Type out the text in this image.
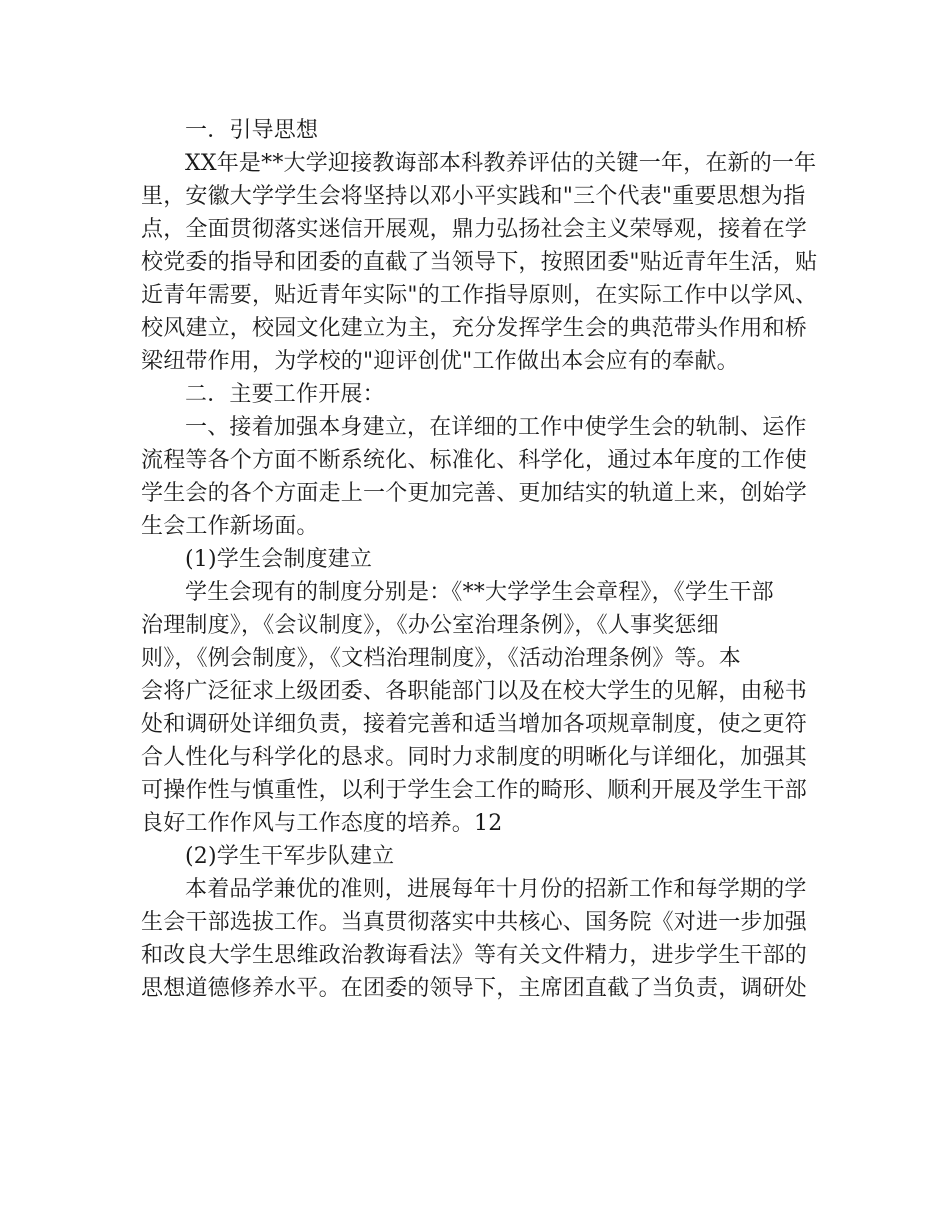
一．引导思想
XX年是**大学迎接教诲部本科教养评估的关键一年，在新的一年
里，安徽大学学生会将坚持以邓小平实践和"三个代表"重要思想为指
点，全面贯彻落实迷信开展观，鼎力弘扬社会主义荣辱观，接着在学
校党委的指导和团委的直截了当领导下，按照团委"贴近青年生活，贴
近青年需要，贴近青年实际"的工作指导原则，在实际工作中以学风、
校风建立，校园文化建立为主，充分发挥学生会的典范带头作用和桥
梁纽带作用，为学校的"迎评创优"工作做出本会应有的奉献。
二．主要工作开展：
一、接着加强本身建立，在详细的工作中使学生会的轨制、运作
流程等各个方面不断系统化、标准化、科学化，通过本年度的工作使
学生会的各个方面走上一个更加完善、更加结实的轨道上来，创始学
生会工作新场面。
(1)学生会制度建立
学生会现有的制度分别是：《**大学学生会章程》，《学生干部
治理制度》，《会议制度》，《办公室治理条例》，《人事奖惩细
则》，《例会制度》，《文档治理制度》，《活动治理条例》等。本
会将广泛征求上级团委、各职能部门以及在校大学生的见解，由秘书
处和调研处详细负责，接着完善和适当增加各项规章制度，使之更符
合人性化与科学化的恳求。同时力求制度的明晰化与详细化，加强其
可操作性与慎重性，以利于学生会工作的畸形、顺利开展及学生干部
良好工作作风与工作态度的培养。12
(2)学生干军步队建立
本着品学兼优的准则，进展每年十月份的招新工作和每学期的学
生会干部选拔工作。当真贯彻落实中共核心、国务院《对进一步加强
和改良大学生思维政治教诲看法》等有关文件精力，进步学生干部的
思想道德修养水平。在团委的领导下，主席团直截了当负责，调研处
